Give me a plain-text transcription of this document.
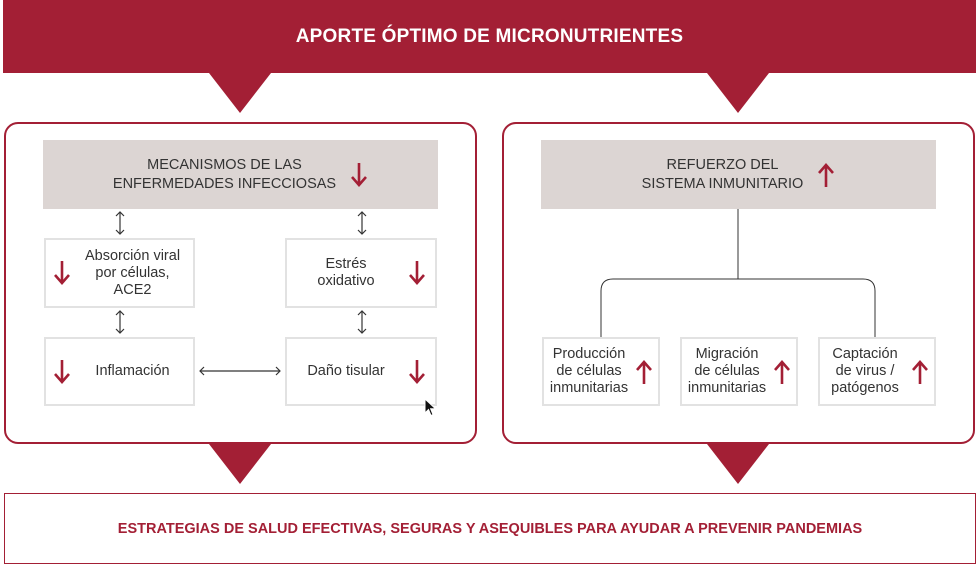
APORTE ÓPTIMO DE MICRONUTRIENTES
MECANISMOS DE LAS
ENFERMEDADES INFECCIOSAS
Absorción viral
por células,
ACE2
Estrés
oxidativo
Inflamación	Daño tisular
REFUERZO DEL
SISTEMA INMUNITARIO
Producción
de células
inmunitarias
Migración
de células
inmunitarias
Captación
de virus /
patógenos
ESTRATEGIAS DE SALUD EFECTIVAS, SEGURAS Y ASEQUIBLES PARA AYUDAR A PREVENIR PANDEMIAS
